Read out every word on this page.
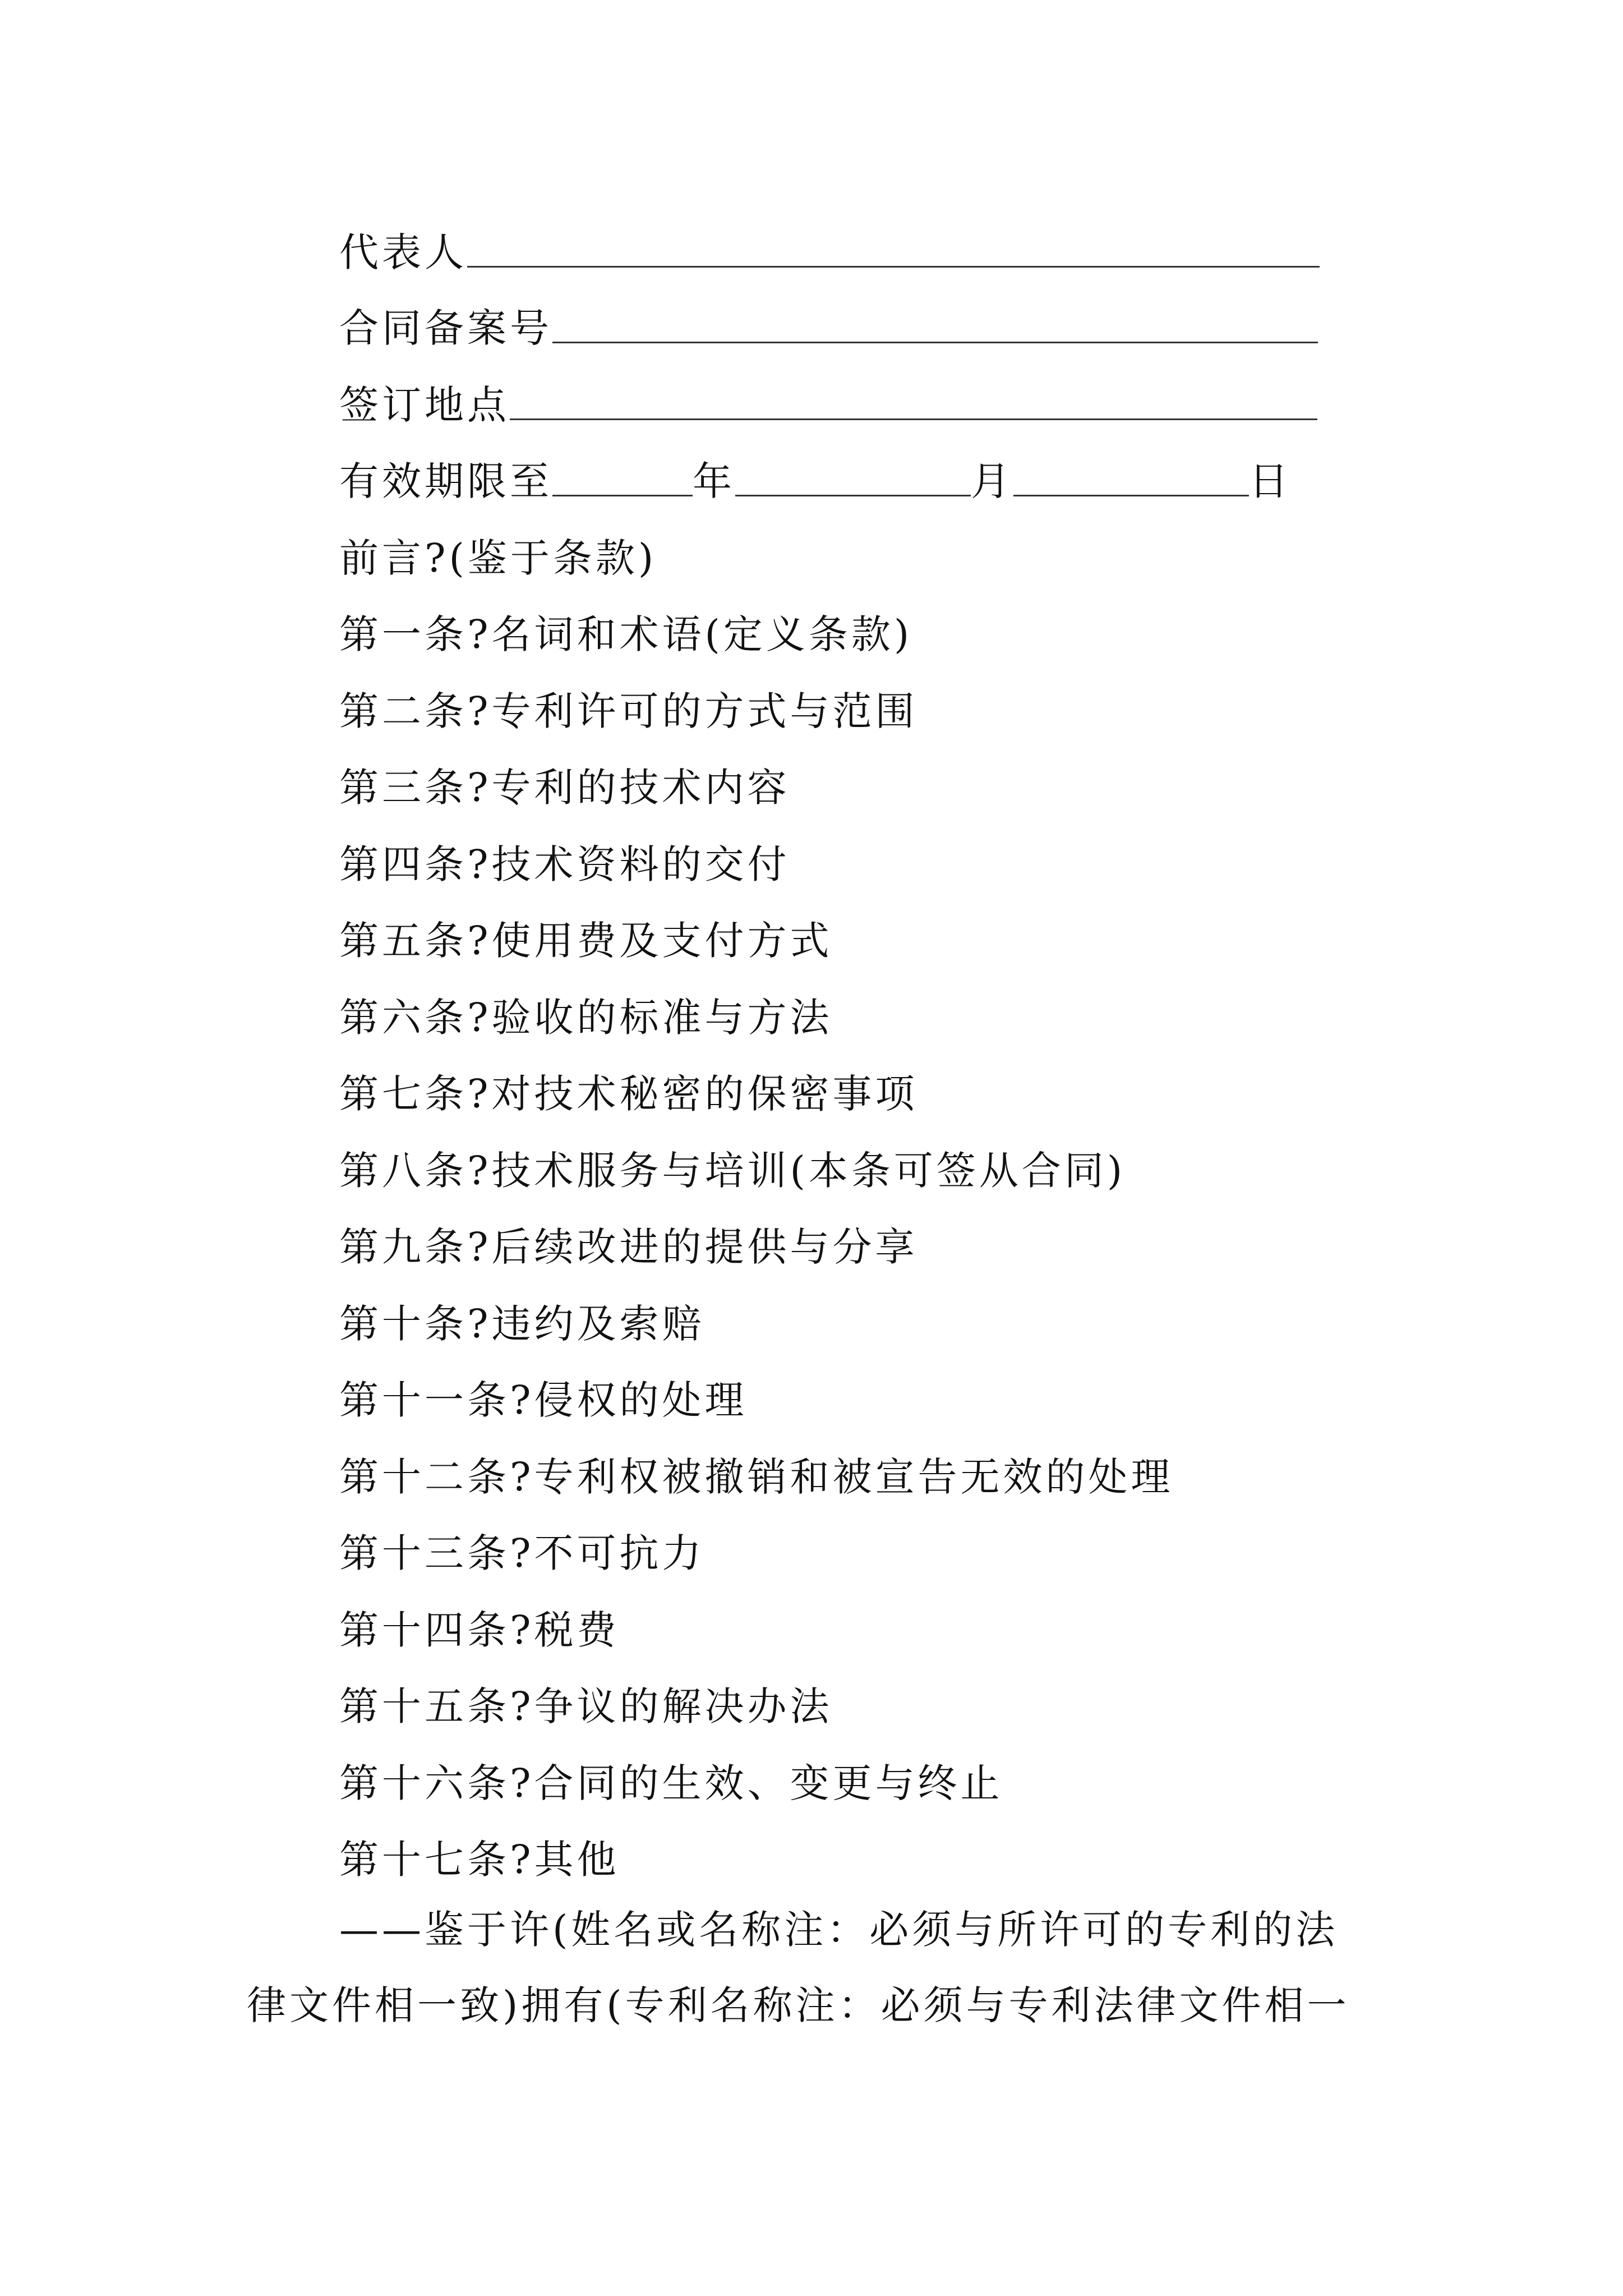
代表人
合同备案号
签订地点
有效期限至	年	月	日
前言?(鉴于条款)
第一条?名词和术语(定义条款)
第二条?专利许可的方式与范围
第三条?专利的技术内容
第四条?技术资料的交付
第五条?使用费及支付方式
第六条?验收的标准与方法
第七条?对技术秘密的保密事项
第八条?技术服务与培训(本条可签从合同)
第九条?后续改进的提供与分享
第十条?违约及索赔
第十一条?侵权的处理
第十二条?专利权被撤销和被宣告无效的处理
第十三条?不可抗力
第十四条?税费
第十五条?争议的解决办法
第十六条?合同的生效、变更与终止
第十七条?其他
——鉴于许(姓名或名称注：必须与所许可的专利的法
律文件相一致)拥有(专利名称注：必须与专利法律文件相一
